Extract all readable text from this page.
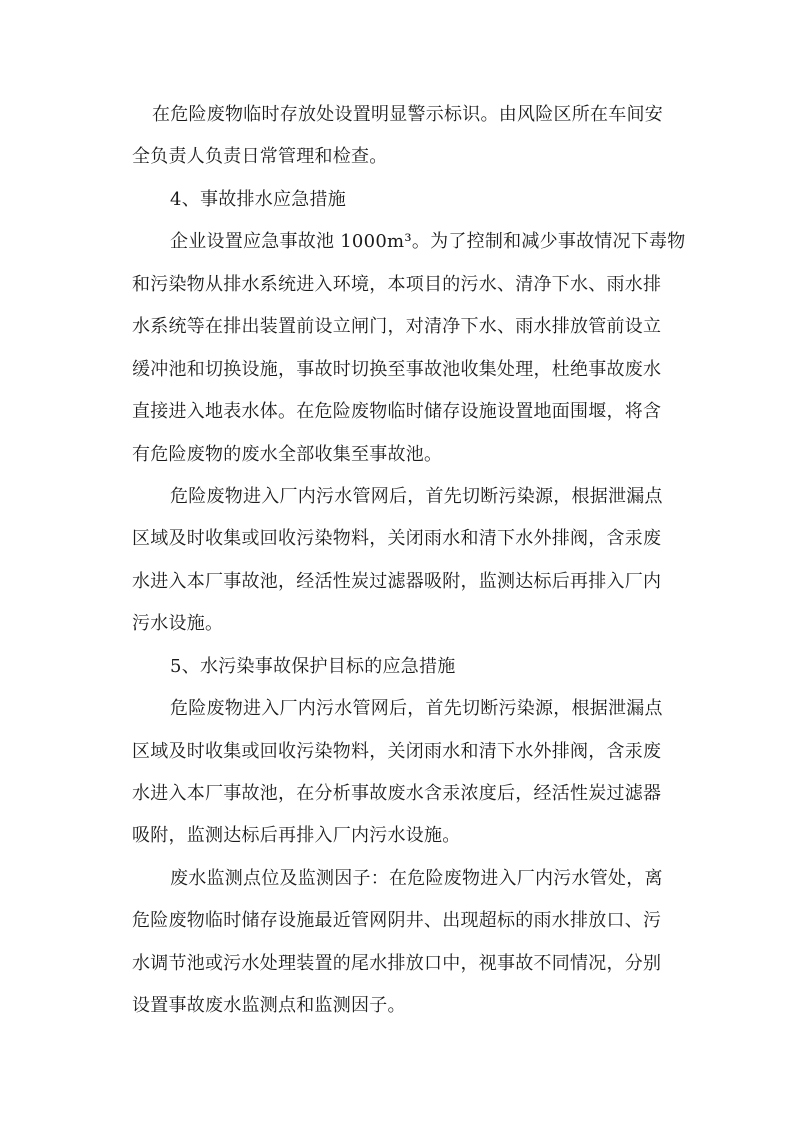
在危险废物临时存放处设置明显警示标识。由风险区所在车间安
全负责人负责日常管理和检查。
4、事故排水应急措施
企业设置应急事故池 1000m³。为了控制和减少事故情况下毒物
和污染物从排水系统进入环境，本项目的污水、清净下水、雨水排
水系统等在排出装置前设立闸门，对清净下水、雨水排放管前设立
缓冲池和切换设施，事故时切换至事故池收集处理，杜绝事故废水
直接进入地表水体。在危险废物临时储存设施设置地面围堰，将含
有危险废物的废水全部收集至事故池。
危险废物进入厂内污水管网后，首先切断污染源，根据泄漏点
区域及时收集或回收污染物料，关闭雨水和清下水外排阀，含汞废
水进入本厂事故池，经活性炭过滤器吸附，监测达标后再排入厂内
污水设施。
5、水污染事故保护目标的应急措施
危险废物进入厂内污水管网后，首先切断污染源，根据泄漏点
区域及时收集或回收污染物料，关闭雨水和清下水外排阀，含汞废
水进入本厂事故池，在分析事故废水含汞浓度后，经活性炭过滤器
吸附，监测达标后再排入厂内污水设施。
废水监测点位及监测因子：在危险废物进入厂内污水管处，离
危险废物临时储存设施最近管网阴井、出现超标的雨水排放口、污
水调节池或污水处理装置的尾水排放口中，视事故不同情况，分别
设置事故废水监测点和监测因子。
